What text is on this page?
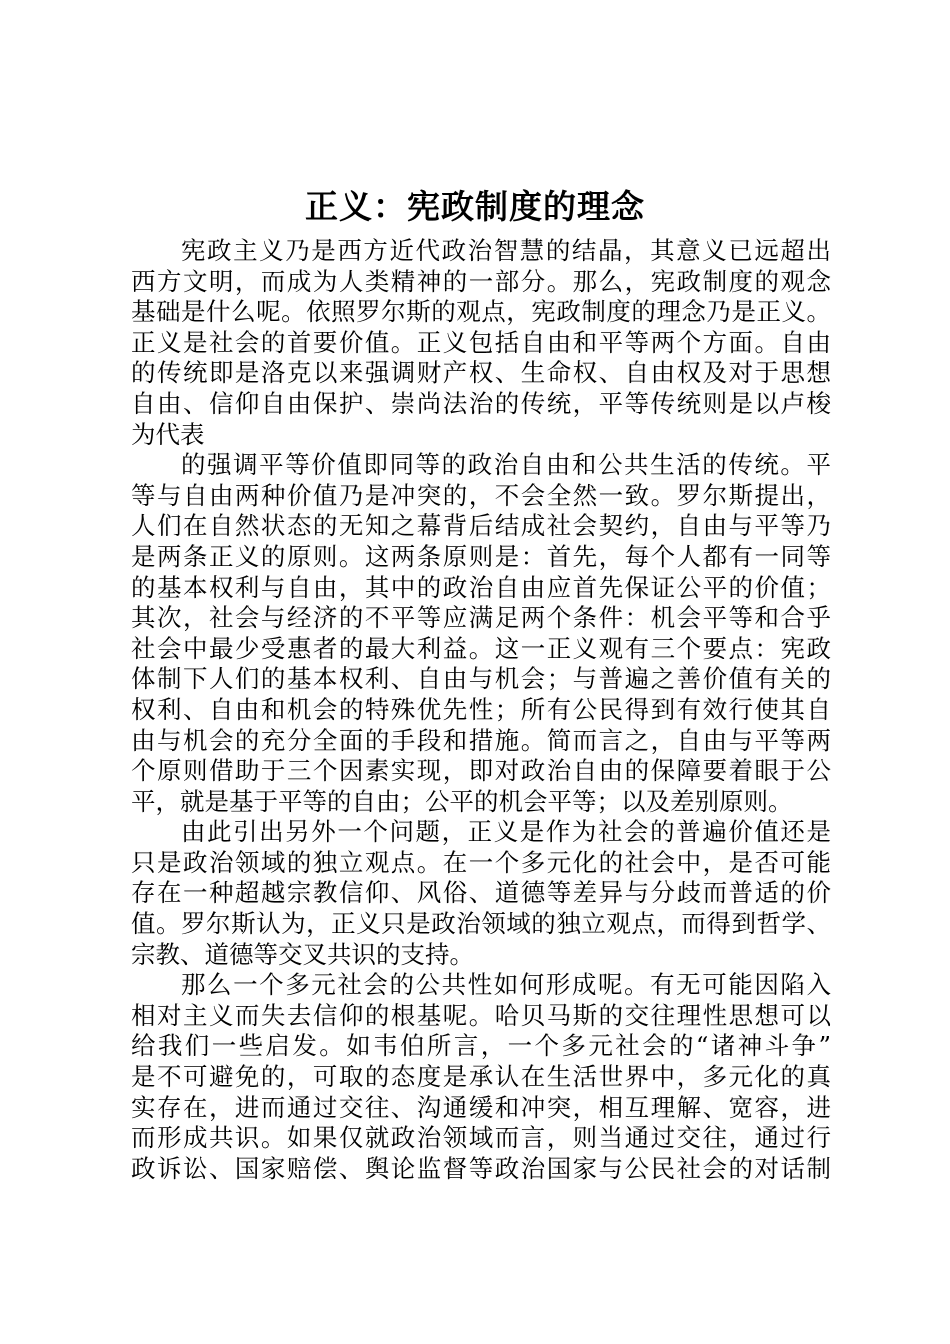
正义：宪政制度的理念
宪政主义乃是西方近代政治智慧的结晶，其意义已远超出
西方文明，而成为人类精神的一部分。那么，宪政制度的观念
基础是什么呢。依照罗尔斯的观点，宪政制度的理念乃是正义。
正义是社会的首要价值。正义包括自由和平等两个方面。自由
的传统即是洛克以来强调财产权、生命权、自由权及对于思想
自由、信仰自由保护、崇尚法治的传统，平等传统则是以卢梭
为代表
的强调平等价值即同等的政治自由和公共生活的传统。平
等与自由两种价值乃是冲突的，不会全然一致。罗尔斯提出，
人们在自然状态的无知之幕背后结成社会契约，自由与平等乃
是两条正义的原则。这两条原则是：首先，每个人都有一同等
的基本权利与自由，其中的政治自由应首先保证公平的价值；
其次，社会与经济的不平等应满足两个条件：机会平等和合乎
社会中最少受惠者的最大利益。这一正义观有三个要点：宪政
体制下人们的基本权利、自由与机会；与普遍之善价值有关的
权利、自由和机会的特殊优先性；所有公民得到有效行使其自
由与机会的充分全面的手段和措施。简而言之，自由与平等两
个原则借助于三个因素实现，即对政治自由的保障要着眼于公
平，就是基于平等的自由；公平的机会平等；以及差别原则。
由此引出另外一个问题，正义是作为社会的普遍价值还是
只是政治领域的独立观点。在一个多元化的社会中，是否可能
存在一种超越宗教信仰、风俗、道德等差异与分歧而普适的价
值。罗尔斯认为，正义只是政治领域的独立观点，而得到哲学、
宗教、道德等交叉共识的支持。
那么一个多元社会的公共性如何形成呢。有无可能因陷入
相对主义而失去信仰的根基呢。哈贝马斯的交往理性思想可以
给我们一些启发。如韦伯所言，一个多元社会的“诸神斗争”
是不可避免的，可取的态度是承认在生活世界中，多元化的真
实存在，进而通过交往、沟通缓和冲突，相互理解、宽容，进
而形成共识。如果仅就政治领域而言，则当通过交往，通过行
政诉讼、国家赔偿、舆论监督等政治国家与公民社会的对话制
